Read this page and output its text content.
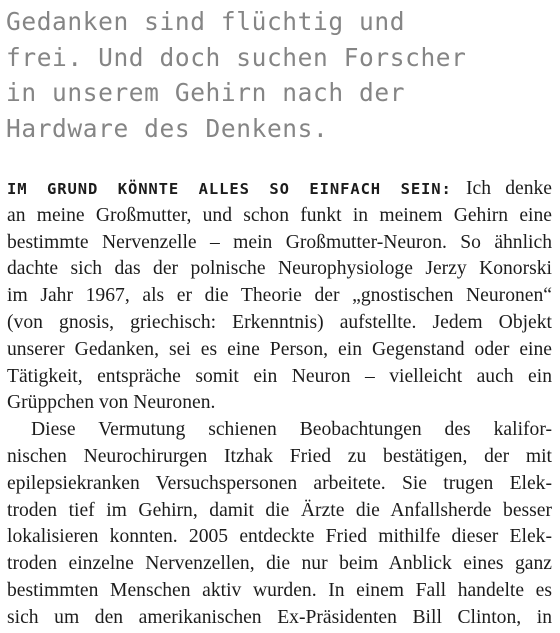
Gedanken sind flüchtig und
frei. Und doch suchen Forscher
in unserem Gehirn nach der
Hardware des Denkens.
IM GRUND KÖNNTE ALLES SO EINFACH SEIN: Ich denke
an meine Großmutter, und schon funkt in meinem Gehirn eine
bestimmte Nervenzelle – mein Großmutter-Neuron. So ähnlich
dachte sich das der polnische Neurophysiologe Jerzy Konorski
im Jahr 1967, als er die Theorie der „gnostischen Neuronen“
(von gnosis, griechisch: Erkenntnis) aufstellte. Jedem Objekt
unserer Gedanken, sei es eine Person, ein Gegenstand oder eine
Tätigkeit, entspräche somit ein Neuron – vielleicht auch ein
Grüppchen von Neuronen.
Diese Vermutung schienen Beobachtungen des kalifor-
nischen Neurochirurgen Itzhak Fried zu bestätigen, der mit
epilepsiekranken Versuchspersonen arbeitete. Sie trugen Elek-
troden tief im Gehirn, damit die Ärzte die Anfallsherde besser
lokalisieren konnten. 2005 entdeckte Fried mithilfe dieser Elek-
troden einzelne Nervenzellen, die nur beim Anblick eines ganz
bestimmten Menschen aktiv wurden. In einem Fall handelte es
sich um den amerikanischen Ex-Präsidenten Bill Clinton, in
